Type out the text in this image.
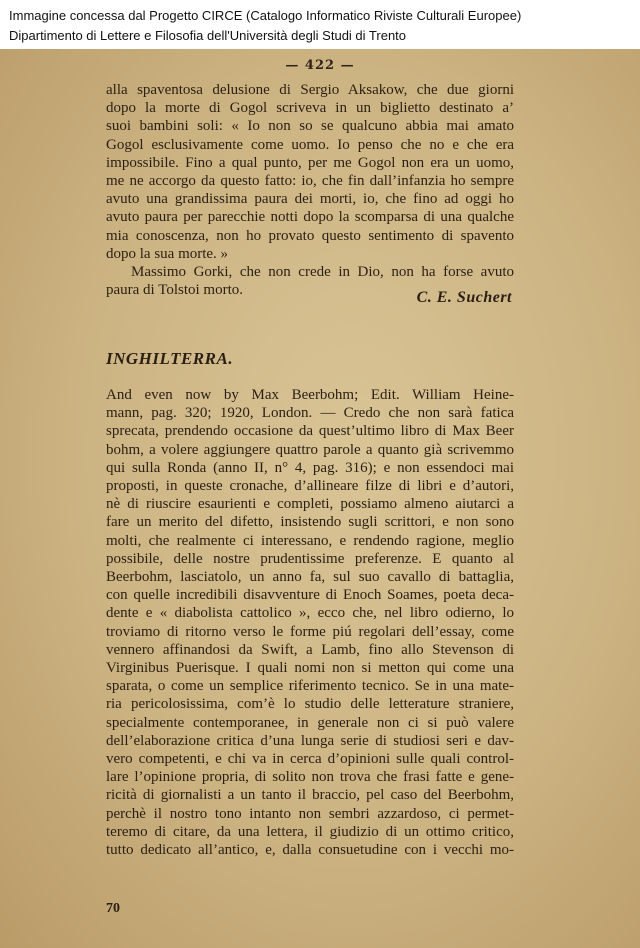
Immagine concessa dal Progetto CIRCE (Catalogo Informatico Riviste Culturali Europee)
Dipartimento di Lettere e Filosofia dell'Università degli Studi di Trento
— 422 —
alla spaventosa delusione di Sergio Aksakow, che due giorni
dopo la morte di Gogol scriveva in un biglietto destinato a’
suoi bambini soli: « Io non so se qualcuno abbia mai amato
Gogol esclusivamente come uomo. Io penso che no e che era
impossibile. Fino a qual punto, per me Gogol non era un uomo,
me ne accorgo da questo fatto: io, che fin dall’infanzia ho sempre
avuto una grandissima paura dei morti, io, che fino ad oggi ho
avuto paura per parecchie notti dopo la scomparsa di una qualche
mia conoscenza, non ho provato questo sentimento di spavento
dopo la sua morte. »
Massimo Gorki, che non crede in Dio, non ha forse avuto
paura di Tolstoi morto.	C. E. Suchert
INGHILTERRA.
And even now by Max Beerbohm; Edit. William Heine-
mann, pag. 320; 1920, London. — Credo che non sarà fatica
sprecata, prendendo occasione da quest’ultimo libro di Max Beer
bohm, a volere aggiungere quattro parole a quanto già scrivemmo
qui sulla Ronda (anno II, n° 4, pag. 316); e non essendoci mai
proposti, in queste cronache, d’allineare filze di libri e d’autori,
nè di riuscire esaurienti e completi, possiamo almeno aiutarci a
fare un merito del difetto, insistendo sugli scrittori, e non sono
molti, che realmente ci interessano, e rendendo ragione, meglio
possibile, delle nostre prudentissime preferenze. E quanto al
Beerbohm, lasciatolo, un anno fa, sul suo cavallo di battaglia,
con quelle incredibili disavventure di Enoch Soames, poeta deca-
dente e « diabolista cattolico », ecco che, nel libro odierno, lo
troviamo di ritorno verso le forme piú regolari dell’essay, come
vennero affinandosi da Swift, a Lamb, fino allo Stevenson di
Virginibus Puerisque. I quali nomi non si metton qui come una
sparata, o come un semplice riferimento tecnico. Se in una mate-
ria pericolosissima, com’è lo studio delle letterature straniere,
specialmente contemporanee, in generale non ci si può valere
dell’elaborazione critica d’una lunga serie di studiosi seri e dav-
vero competenti, e chi va in cerca d’opinioni sulle quali control-
lare l’opinione propria, di solito non trova che frasi fatte e gene-
ricità di giornalisti a un tanto il braccio, pel caso del Beerbohm,
perchè il nostro tono intanto non sembri azzardoso, ci permet-
teremo di citare, da una lettera, il giudizio di un ottimo critico,
tutto dedicato all’antico, e, dalla consuetudine con i vecchi mo-
70
